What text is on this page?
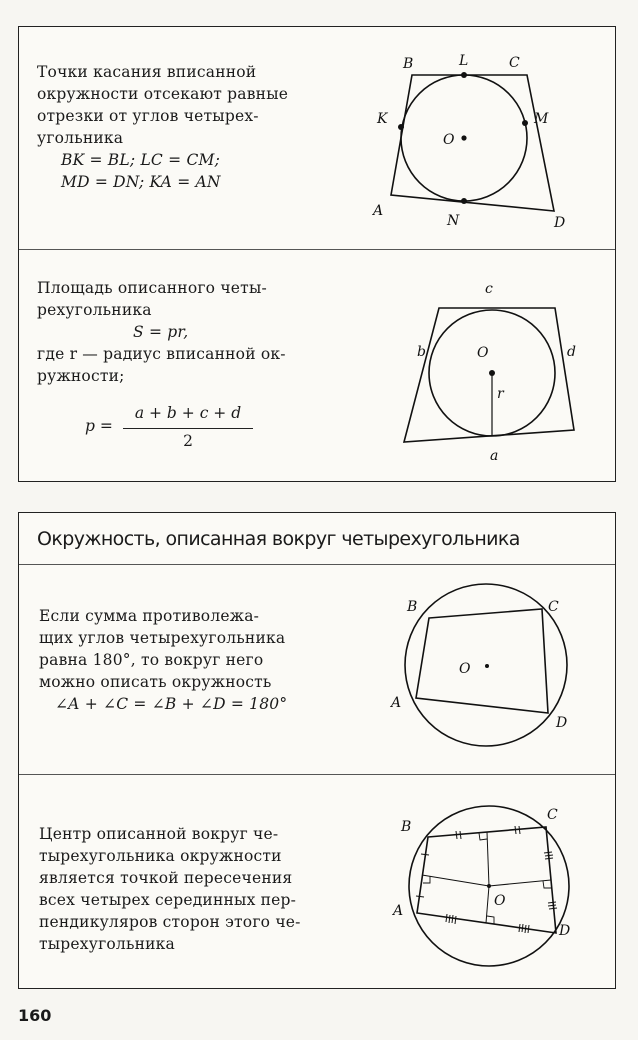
Точки касания вписанной
окружности отсекают равные
отрезки от углов четырех-
угольника
BK = BL; LC = CM;
MD = DN; KA = AN
B	L	C
K	M
O
A
N	D
Площадь описанного четы-
рехугольника
S = pr,
где r — радиус вписанной ок-
ружности;
p =
a + b + c + d
2
c
b	O	d
r
a
Окружность, описанная вокруг четырехугольника
Если сумма противолежа-
щих углов четырехугольника
равна 180°, то вокруг него
можно описать окружность
∠A + ∠C = ∠B + ∠D = 180°
B	C
O
A
D
Центр описанной вокруг че-
тырехугольника окружности
является точкой пересечения
всех четырех серединных пер-
пендикуляров сторон этого че-
тырехугольника
B
C
A
O
D
160
